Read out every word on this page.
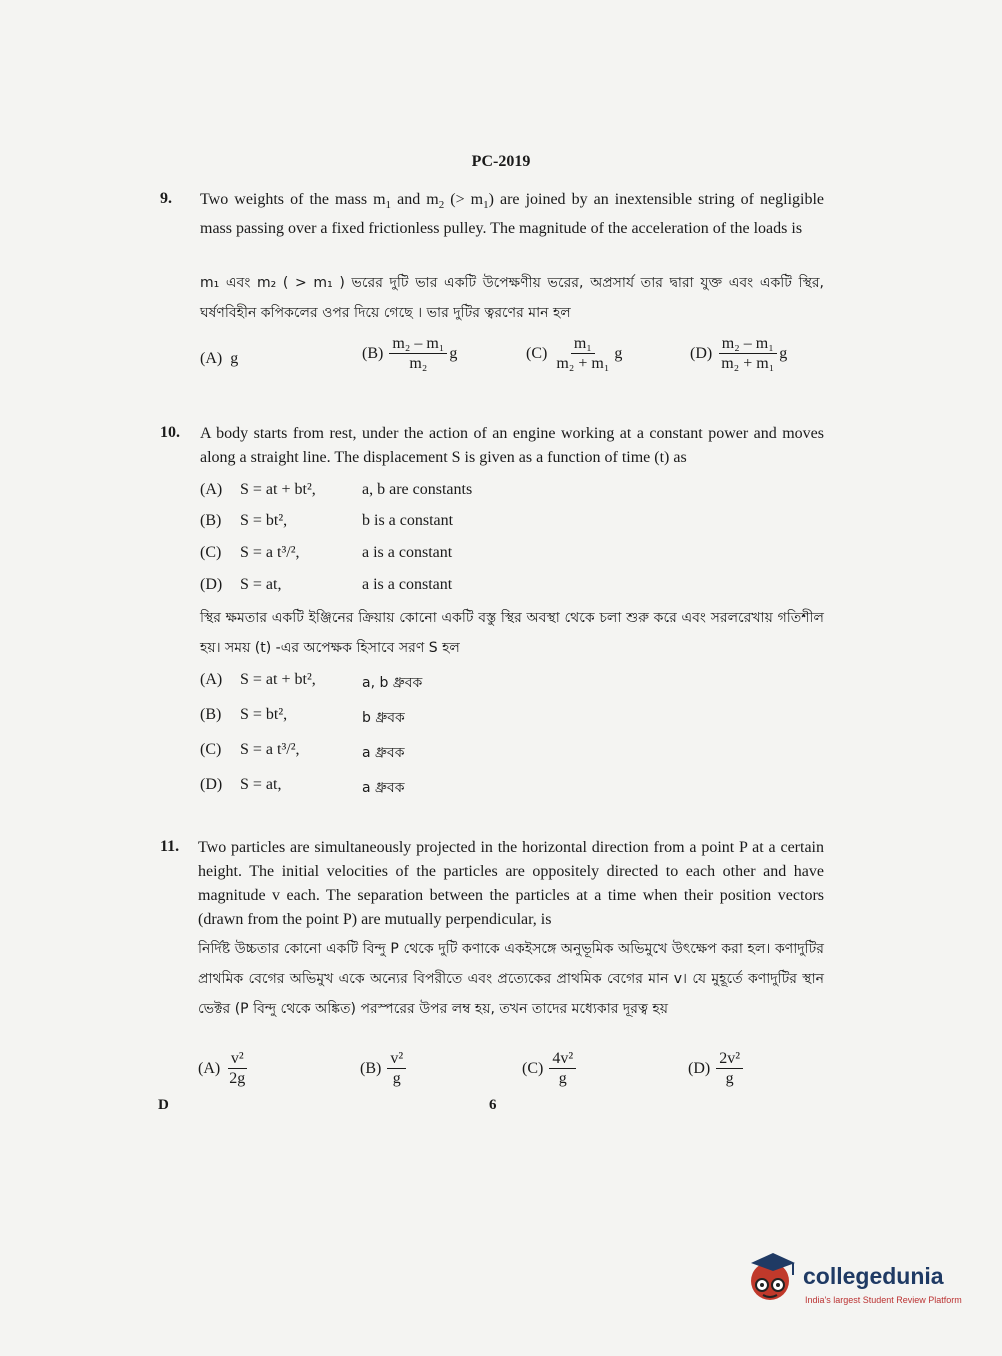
PC-2019
9. Two weights of the mass $m_1$ and $m_2$ (> $m_1$) are joined by an inextensible string of negligible mass passing over a fixed frictionless pulley. The magnitude of the acceleration of the loads is
m₁ এবং m₂ ( > m₁ ) ভরের দুটি ভার একটি উপেক্ষণীয় ভরের, অপ্রসার্য তার দ্বারা যুক্ত এবং একটি স্থির, ঘর্ষণবিহীন কপিকলের ওপর দিয়ে গেছে । ভার দুটির ত্বরণের মান হল
(A) g	$(B) \frac{\text{m₂ – m₁}}{\text{m₂}}$ g	$(C) \frac{\text{m₁}}{\text{m₂ + m₁}}$ g	$(D) \frac{\text{m₂ – m₁}}{\text{m₂ + m₁}}$ g
10. A body starts from rest, under the action of an engine working at a constant power and moves along a straight line. The displacement S is given as a function of time (t) as
(A) S = at + bt²,	a, b are constants
(B) S = bt²,	b is a constant
(C) S = a t³/²,	a is a constant
(D) S = at,	a is a constant
স্থির ক্ষমতার একটি ইঞ্জিনের ক্রিয়ায় কোনো একটি বস্তু স্থির অবস্থা থেকে চলা শুরু করে এবং সরলরেখায় গতিশীল হয়। সময় (t) -এর অপেক্ষক হিসাবে সরণ S হল
(A) S = at + bt²,	a, b ধ্রুবক
(B) S = bt²,	b ধ্রুবক
(C) S = a t³/²,	a ধ্রুবক
(D) S = at,	a ধ্রুবক
11. Two particles are simultaneously projected in the horizontal direction from a point P at a certain height. The initial velocities of the particles are oppositely directed to each other and have magnitude v each. The separation between the particles at a time when their position vectors (drawn from the point P) are mutually perpendicular, is
নির্দিষ্ট উচ্চতার কোনো একটি বিন্দু P থেকে দুটি কণাকে একইসঙ্গে অনুভূমিক অভিমুখে উৎক্ষেপ করা হল। কণাদুটির প্রাথমিক বেগের অভিমুখ একে অন্যের বিপরীতে এবং প্রত্যেকের প্রাথমিক বেগের মান v। যে মুহূর্তে কণাদুটির স্থান ভেক্টর (P বিন্দু থেকে অঙ্কিত) পরস্পরের উপর লম্ব হয়, তখন তাদের মধ্যেকার দূরত্ব হয়
$(A) \frac{\text{v²}}{2g}$	$(B) \frac{\text{v²}}{g}$	$(C) \frac{\text{4v²}}{g}$	$(D) \frac{\text{2v²}}{g}$
D	6
collegedunia
India's largest Student Review Platform
